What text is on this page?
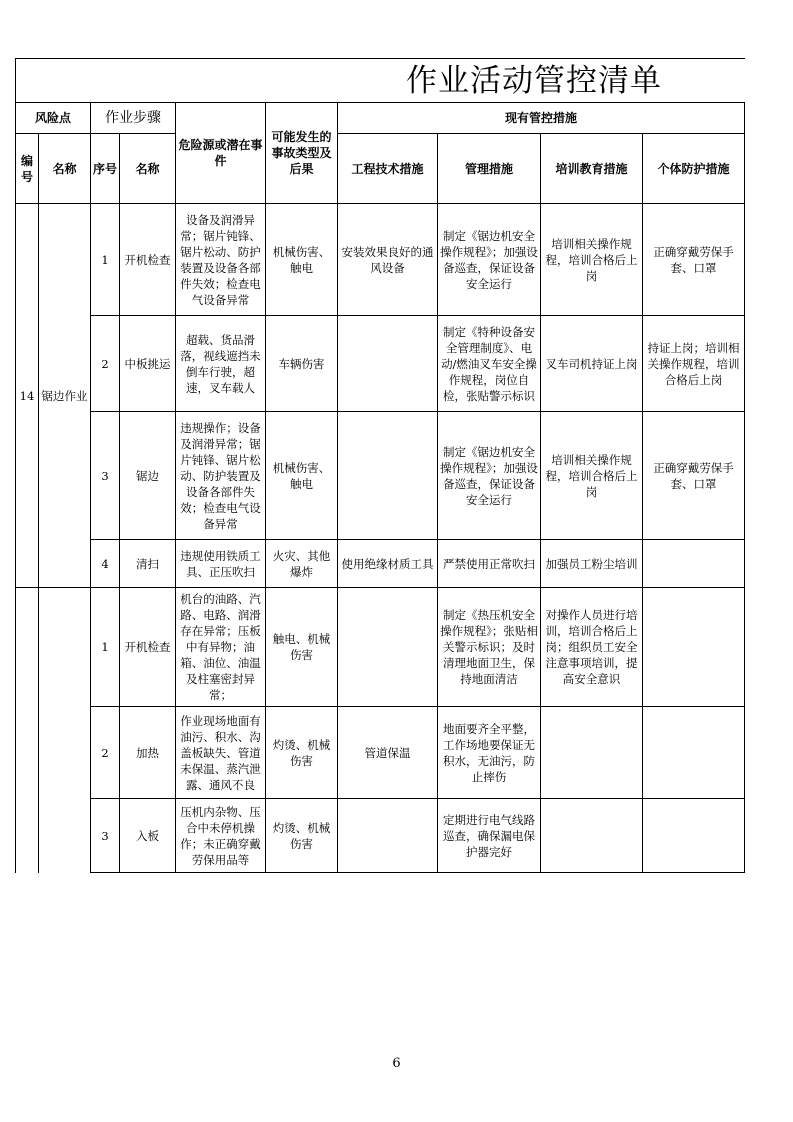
作业活动管控清单									
风险点		作业步骤		危险源或潜在事件	可能发生的事故类型及后果	现有管控措施			
编号	名称	序号	名称			工程技术措施	管理措施	培训教育措施	个体防护措施
14	锯边作业	1	开机检查	设备及润滑异常；锯片钝锋、锯片松动、防护装置及设备各部件失效；检查电气设备异常	机械伤害、触电	安装效果良好的通风设备	制定《锯边机安全操作规程》；加强设备巡查，保证设备安全运行	培训相关操作规程，培训合格后上岗	正确穿戴劳保手套、口罩
		2	中板挑运	超载、货品滑落，视线遮挡未倒车行驶，超速，叉车载人	车辆伤害		制定《特种设备安全管理制度》、电动/燃油叉车安全操作规程，岗位自检，张贴警示标识	叉车司机持证上岗	持证上岗；培训相关操作规程，培训合格后上岗
		3	锯边	违规操作；设备及润滑异常；锯片钝锋、锯片松动、防护装置及设备各部件失效；检查电气设备异常	机械伤害、触电		制定《锯边机安全操作规程》；加强设备巡查，保证设备安全运行	培训相关操作规程，培训合格后上岗	正确穿戴劳保手套、口罩
		4	清扫	违规使用铁质工具、正压吹扫	火灾、其他爆炸	使用绝缘材质工具	严禁使用正常吹扫	加强员工粉尘培训	
		1	开机检查	机台的油路、汽路、电路、润滑存在异常；压板中有异物；油箱、油位、油温及柱塞密封异常；	触电、机械伤害		制定《热压机安全操作规程》；张贴相关警示标识；及时清理地面卫生，保持地面清洁	对操作人员进行培训，培训合格后上岗；组织员工安全注意事项培训，提高安全意识	
		2	加热	作业现场地面有油污、积水、沟盖板缺失、管道未保温、蒸汽泄露、通风不良	灼烫、机械伤害	管道保温	地面要齐全平整，工作场地要保证无积水，无油污，防止摔伤		
		3	入板	压机内杂物、压合中未停机操作；未正确穿戴劳保用品等	灼烫、机械伤害		定期进行电气线路巡查，确保漏电保护器完好		
6
